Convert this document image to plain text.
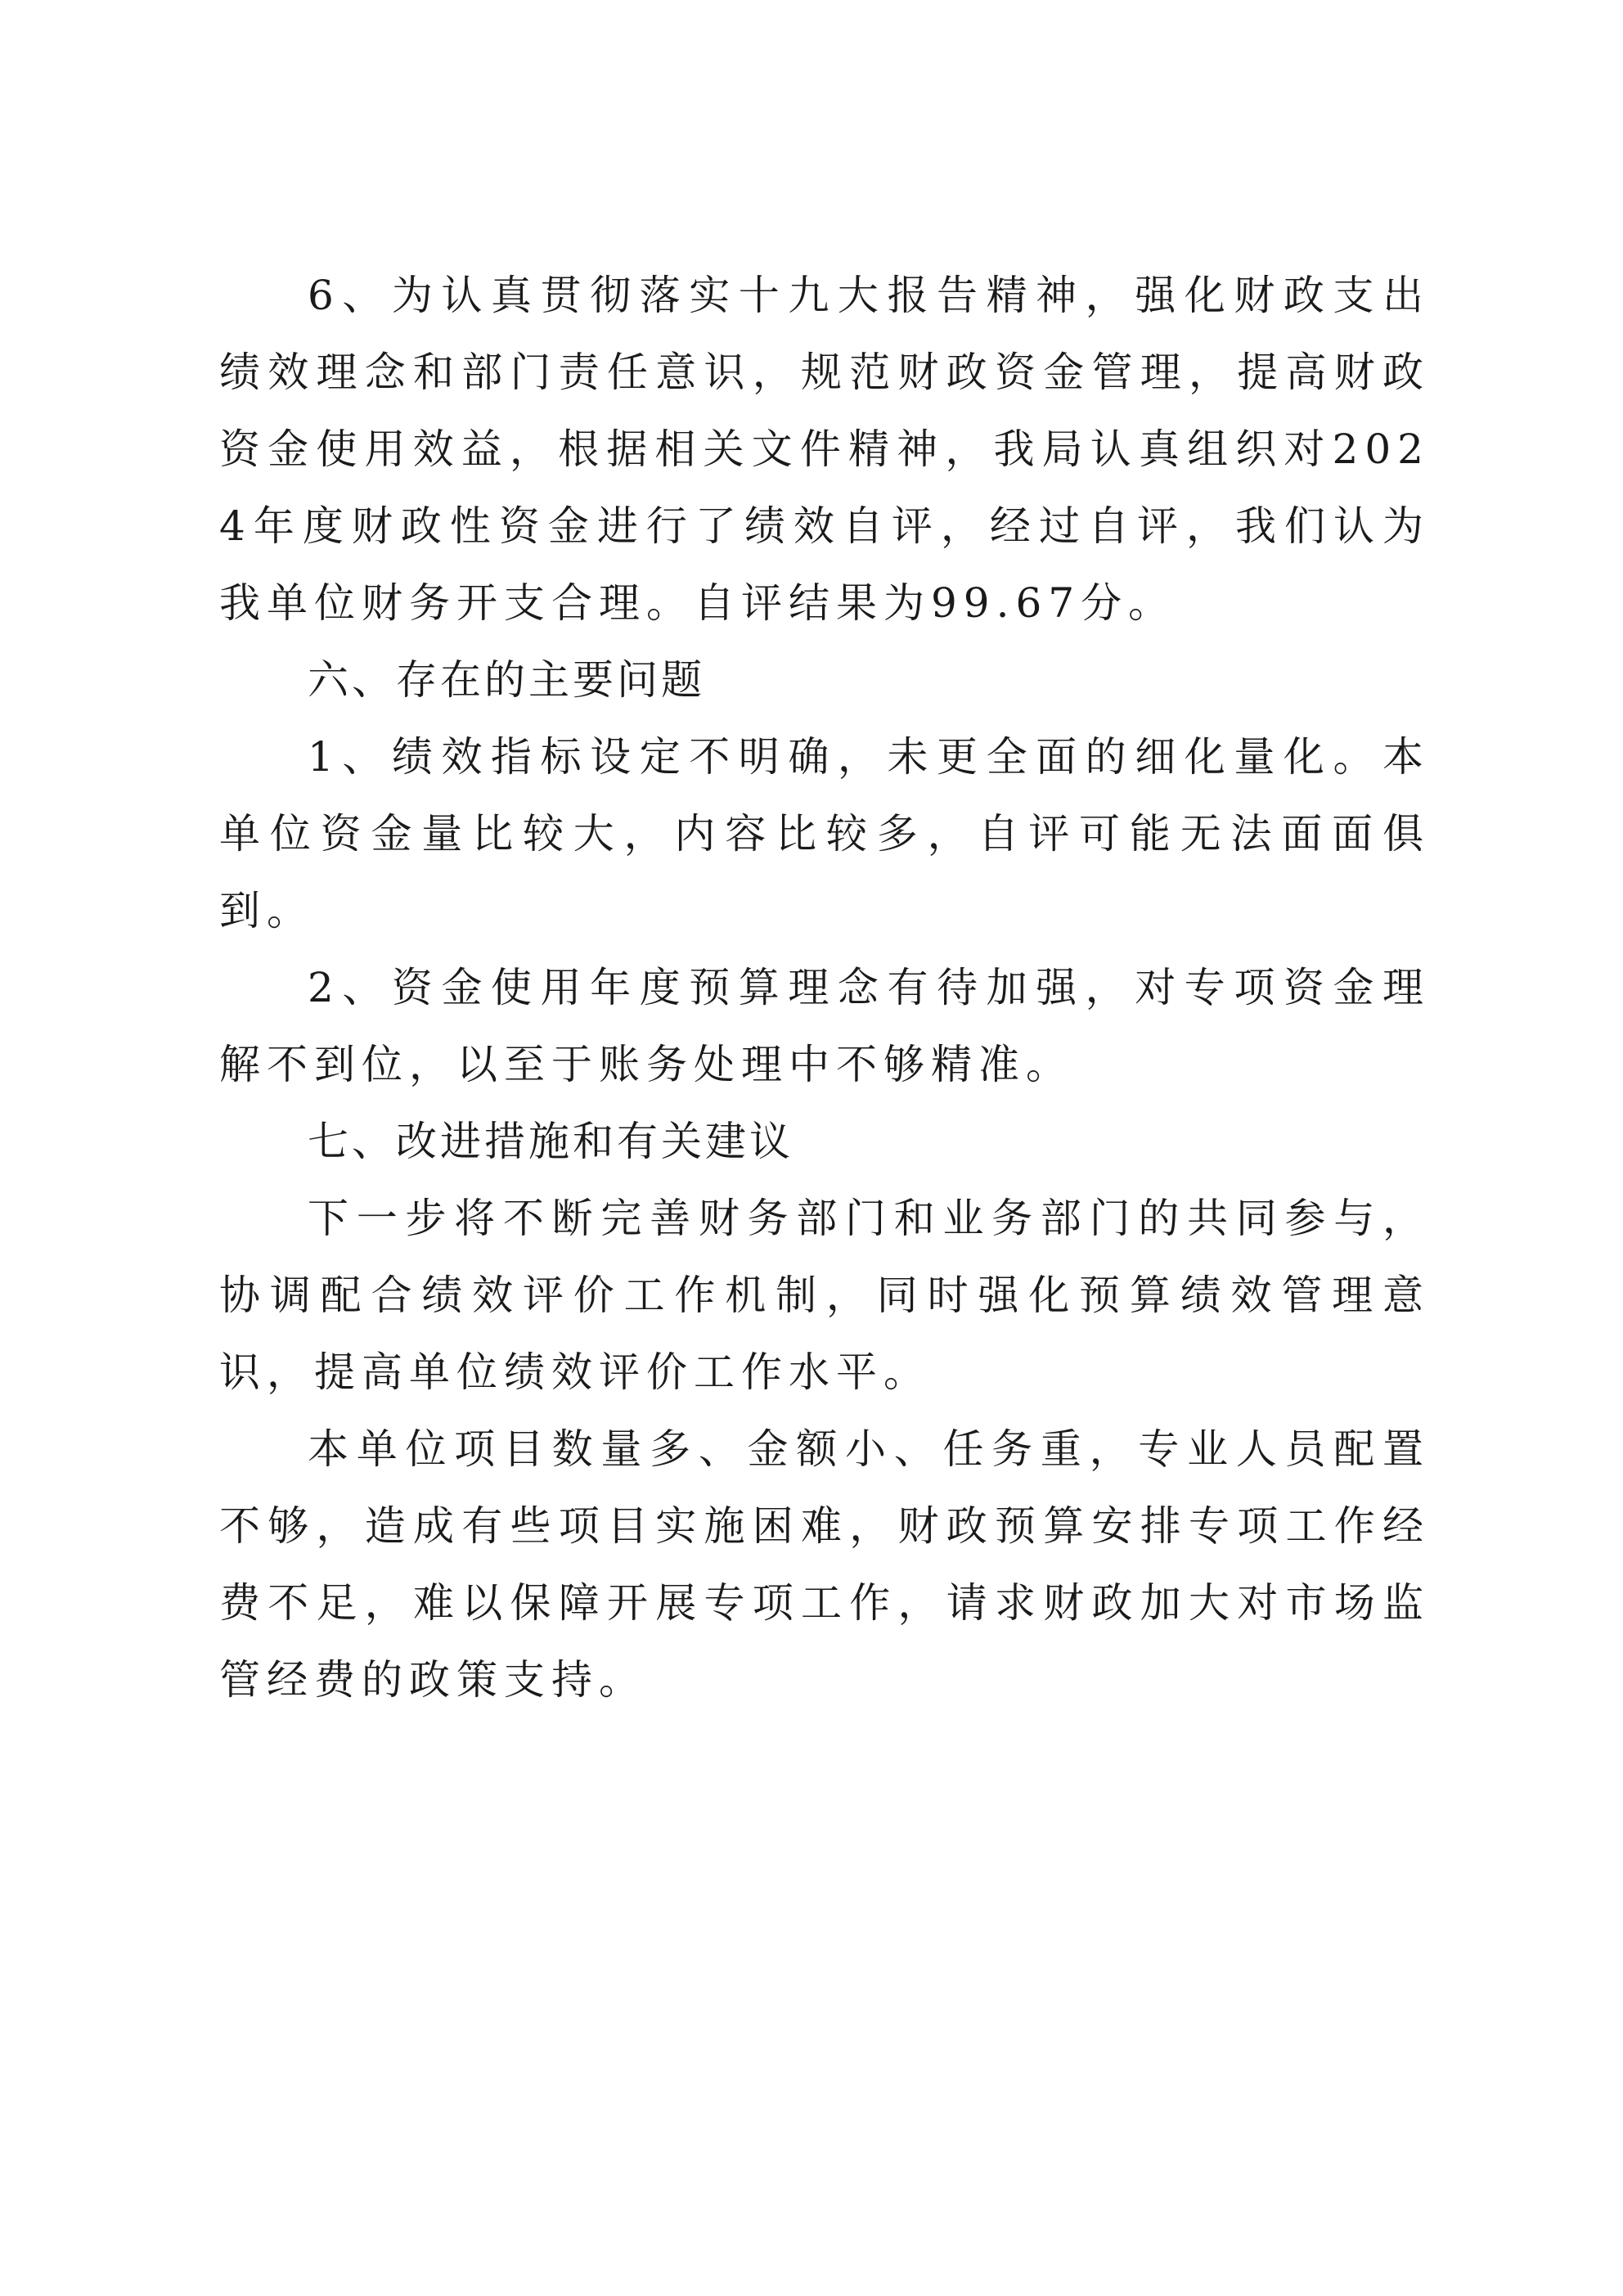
6、为认真贯彻落实十九大报告精神，强化财政支出绩效理念和部门责任意识，规范财政资金管理，提高财政资金使用效益，根据相关文件精神，我局认真组织对2024年度财政性资金进行了绩效自评，经过自评，我们认为我单位财务开支合理。自评结果为99.67分。

六、存在的主要问题

1、绩效指标设定不明确，未更全面的细化量化。本单位资金量比较大，内容比较多，自评可能无法面面俱到。

2、资金使用年度预算理念有待加强，对专项资金理解不到位，以至于账务处理中不够精准。

七、改进措施和有关建议

下一步将不断完善财务部门和业务部门的共同参与，协调配合绩效评价工作机制，同时强化预算绩效管理意识，提高单位绩效评价工作水平。

本单位项目数量多、金额小、任务重，专业人员配置不够，造成有些项目实施困难，财政预算安排专项工作经费不足，难以保障开展专项工作，请求财政加大对市场监管经费的政策支持。
